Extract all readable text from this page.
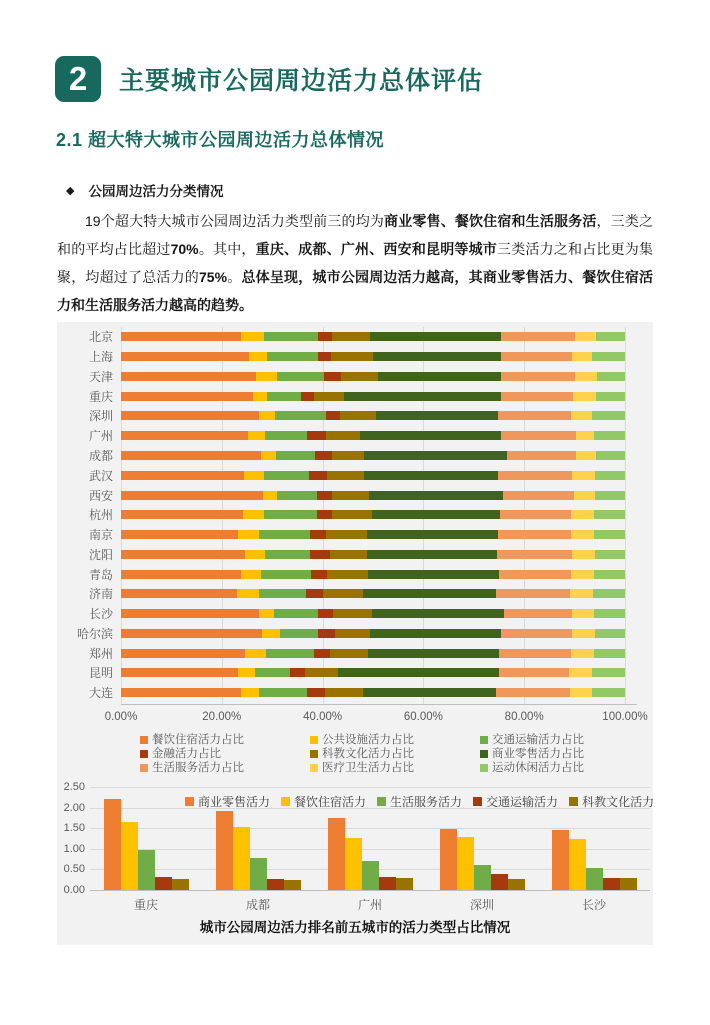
2	主要城市公园周边活力总体评估
2.1 超大特大城市公园周边活力总体情况
◆ 公园周边活力分类情况

19个超大特大城市公园周边活力类型前三的均为商业零售、餐饮住宿和生活服务活，三类之和的平均占比超过70%。其中，重庆、成都、广州、西安和昆明等城市三类活力之和占比更为集聚，均超过了总活力的75%。总体呈现，城市公园周边活力越高，其商业零售活力、餐饮住宿活力和生活服务活力越高的趋势。

北京
上海
天津
重庆
深圳
广州
成都
武汉
西安
杭州
南京
沈阳
青岛
济南
长沙
哈尔滨
郑州
昆明
大连
0.00%	20.00%	40.00%	60.00%	80.00%	100.00%
餐饮住宿活力占比	公共设施活力占比	交通运输活力占比
金融活力占比	科教文化活力占比	商业零售活力占比
生活服务活力占比	医疗卫生活力占比	运动休闲活力占比
0.00
0.50
1.00
1.50
2.00
2.50
商业零售活力 餐饮住宿活力 生活服务活力 交通运输活力 科教文化活力
重庆	成都	广州	深圳	长沙
城市公园周边活力排名前五城市的活力类型占比情况
